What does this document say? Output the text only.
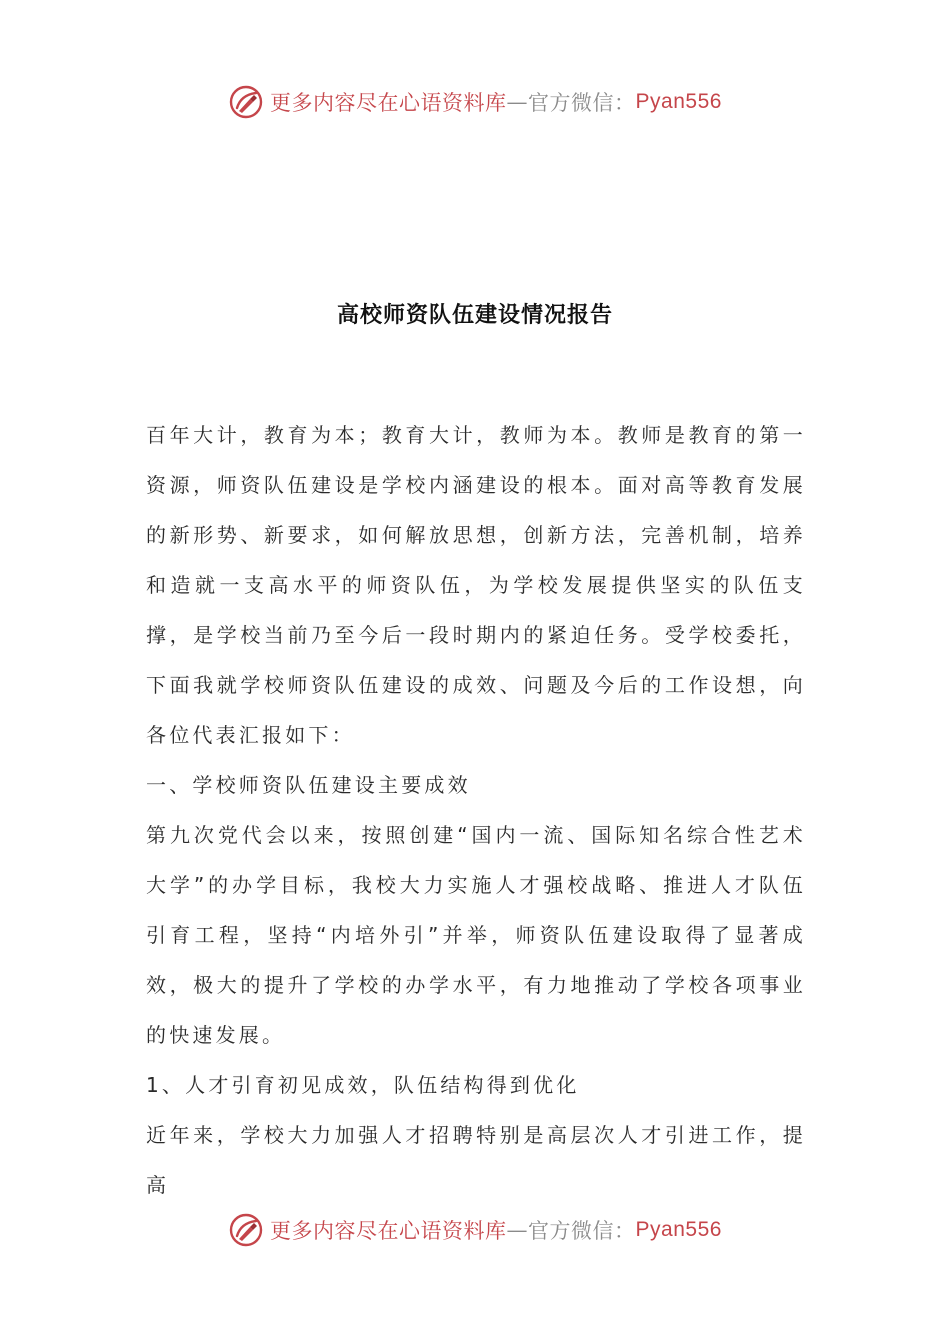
更多内容尽在心语资料库 — 官方微信： Pyan556
高校师资队伍建设情况报告

百年大计，教育为本；教育大计，教师为本。教师是教育的第一资源，师资队伍建设是学校内涵建设的根本。面对高等教育发展的新形势、新要求，如何解放思想，创新方法，完善机制，培养和造就一支高水平的师资队伍，为学校发展提供坚实的队伍支撑，是学校当前乃至今后一段时期内的紧迫任务。受学校委托，下面我就学校师资队伍建设的成效、问题及今后的工作设想，向各位代表汇报如下：

一、学校师资队伍建设主要成效

第九次党代会以来，按照创建“国内一流、国际知名综合性艺术大学”的办学目标，我校大力实施人才强校战略、推进人才队伍引育工程，坚持“内培外引”并举，师资队伍建设取得了显著成效，极大的提升了学校的办学水平，有力地推动了学校各项事业的快速发展。

1、人才引育初见成效，队伍结构得到优化

近年来，学校大力加强人才招聘特别是高层次人才引进工作，提高

更多内容尽在心语资料库 — 官方微信： Pyan556
